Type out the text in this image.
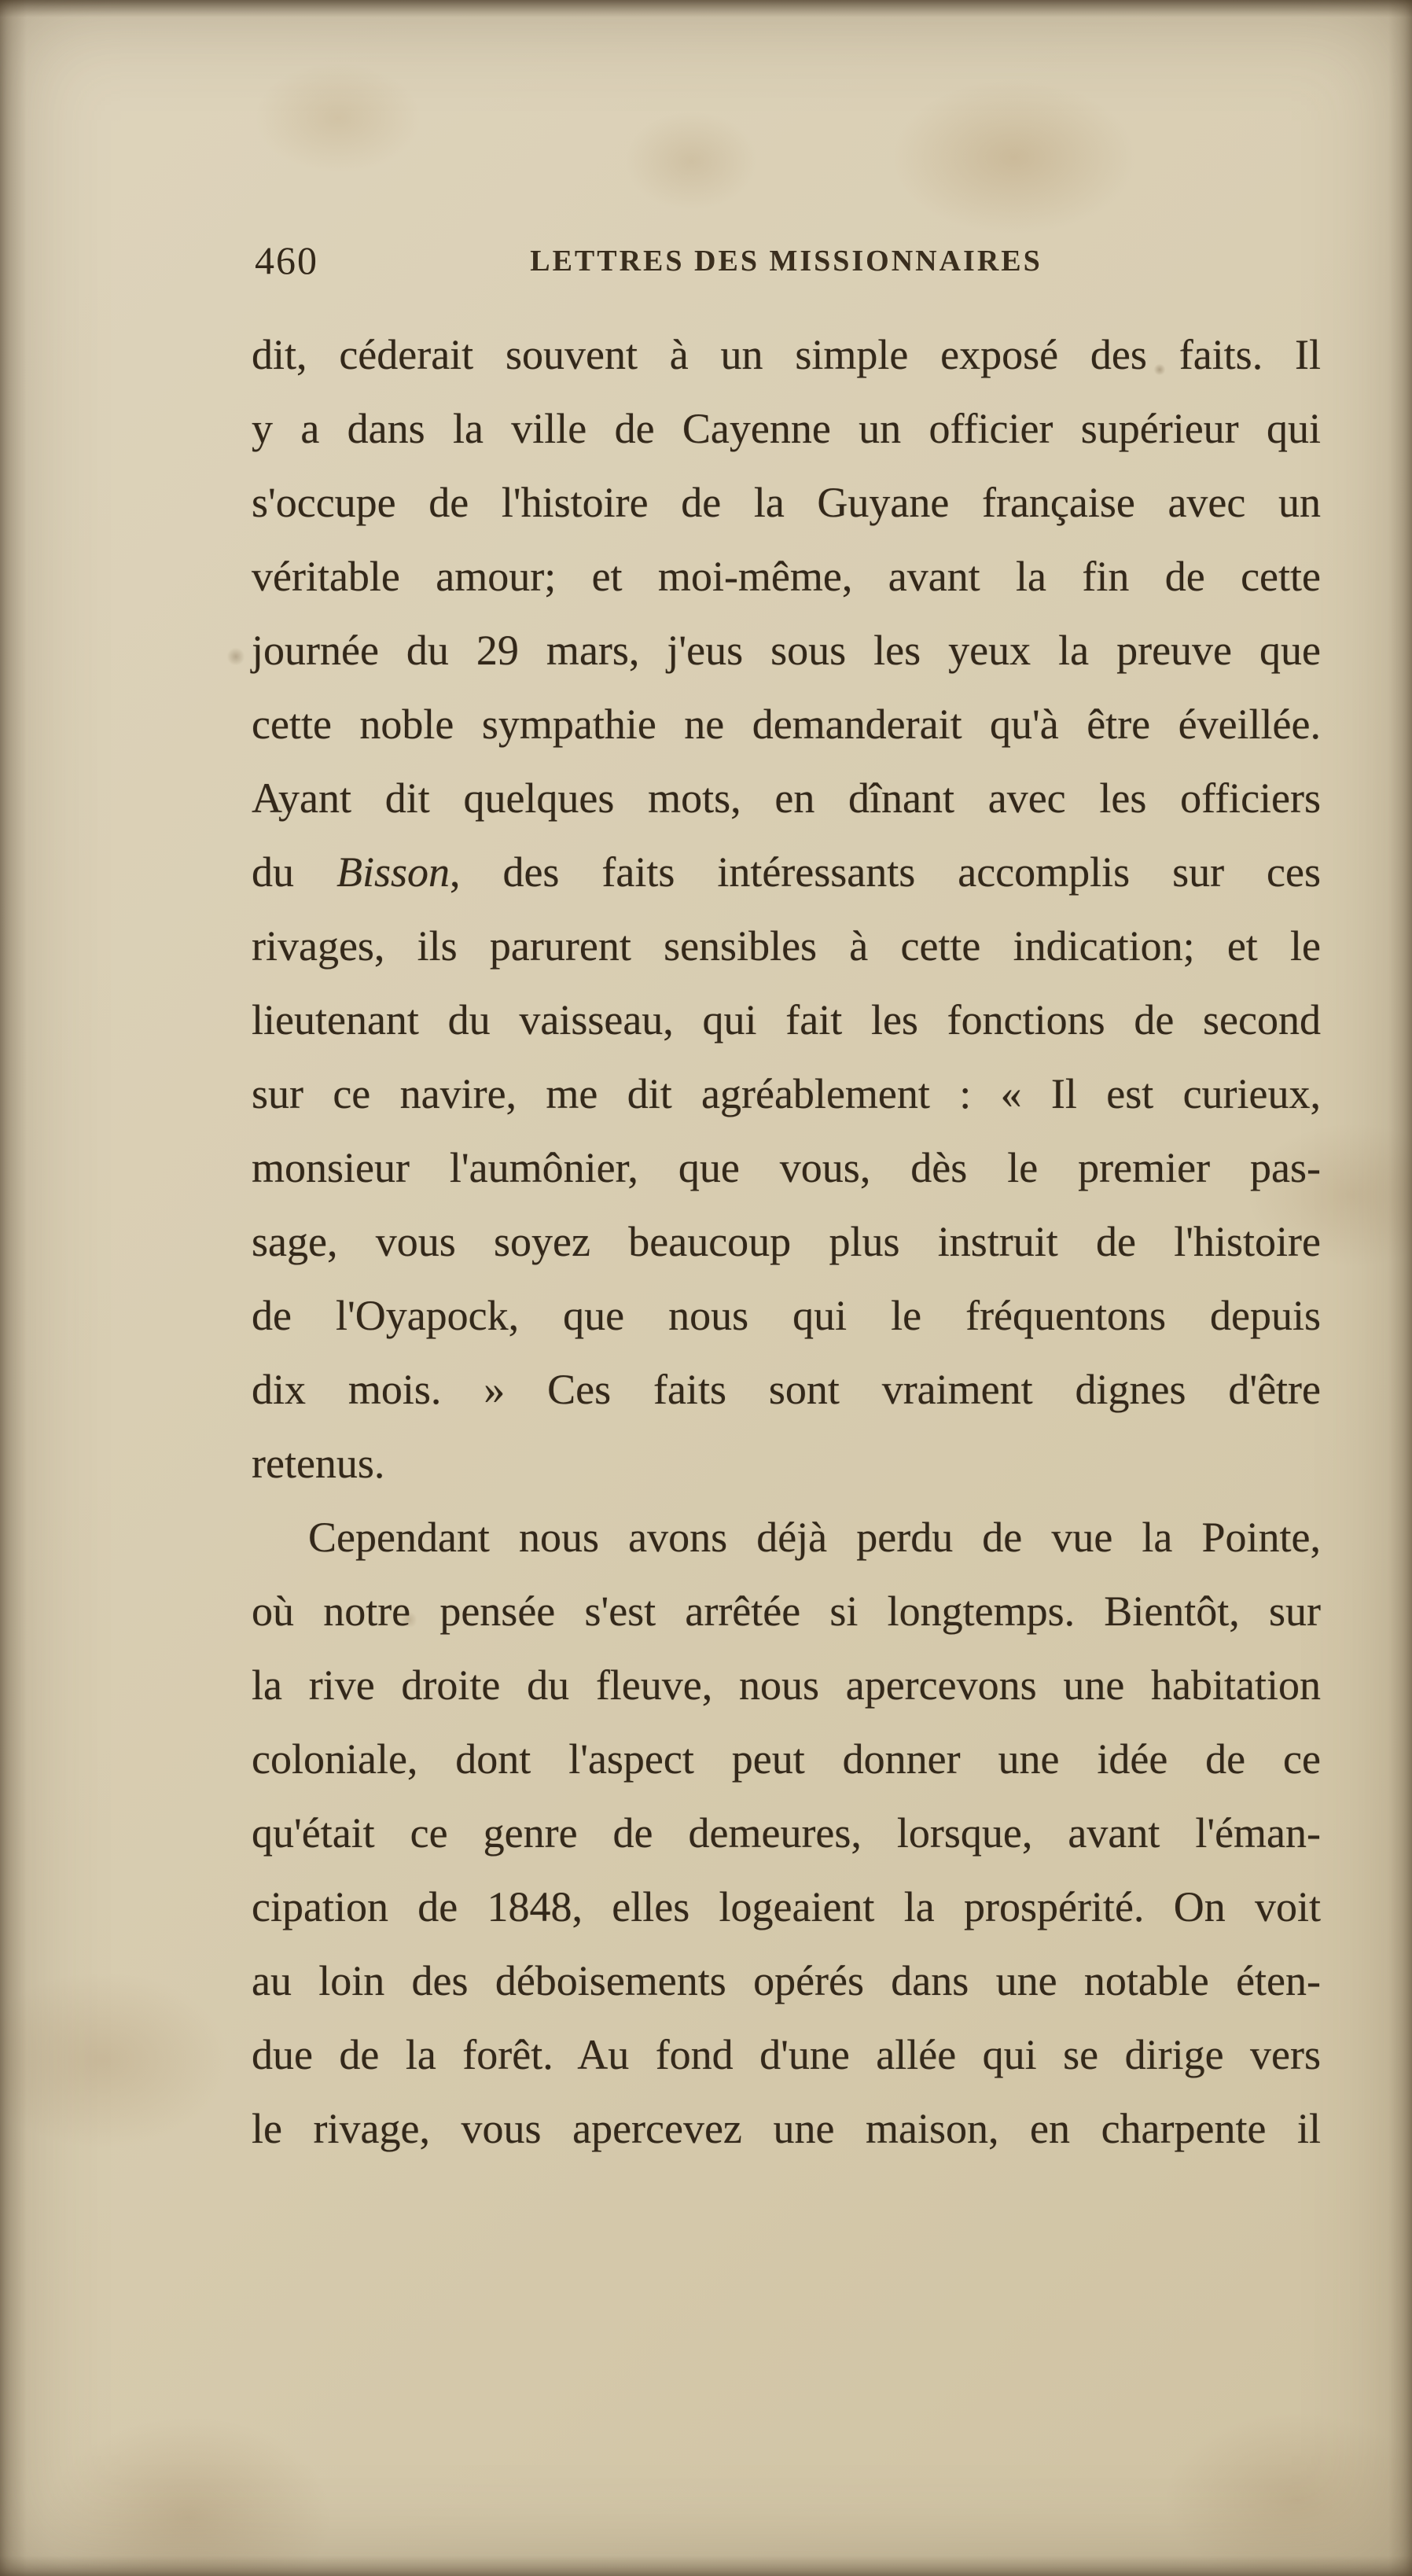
460	LETTRES DES MISSIONNAIRES
dit, céderait souvent à un simple exposé des faits. Il
y a dans la ville de Cayenne un officier supérieur qui
s'occupe de l'histoire de la Guyane française avec un
véritable amour; et moi-même, avant la fin de cette
journée du 29 mars, j'eus sous les yeux la preuve que
cette noble sympathie ne demanderait qu'à être éveillée.
Ayant dit quelques mots, en dînant avec les officiers
du Bisson, des faits intéressants accomplis sur ces
rivages, ils parurent sensibles à cette indication; et le
lieutenant du vaisseau, qui fait les fonctions de second
sur ce navire, me dit agréablement : « Il est curieux,
monsieur l'aumônier, que vous, dès le premier pas-
sage, vous soyez beaucoup plus instruit de l'histoire
de l'Oyapock, que nous qui le fréquentons depuis
dix mois. » Ces faits sont vraiment dignes d'être
retenus.
Cependant nous avons déjà perdu de vue la Pointe,
où notre pensée s'est arrêtée si longtemps. Bientôt, sur
la rive droite du fleuve, nous apercevons une habitation
coloniale, dont l'aspect peut donner une idée de ce
qu'était ce genre de demeures, lorsque, avant l'éman-
cipation de 1848, elles logeaient la prospérité. On voit
au loin des déboisements opérés dans une notable éten-
due de la forêt. Au fond d'une allée qui se dirige vers
le rivage, vous apercevez une maison, en charpente il
